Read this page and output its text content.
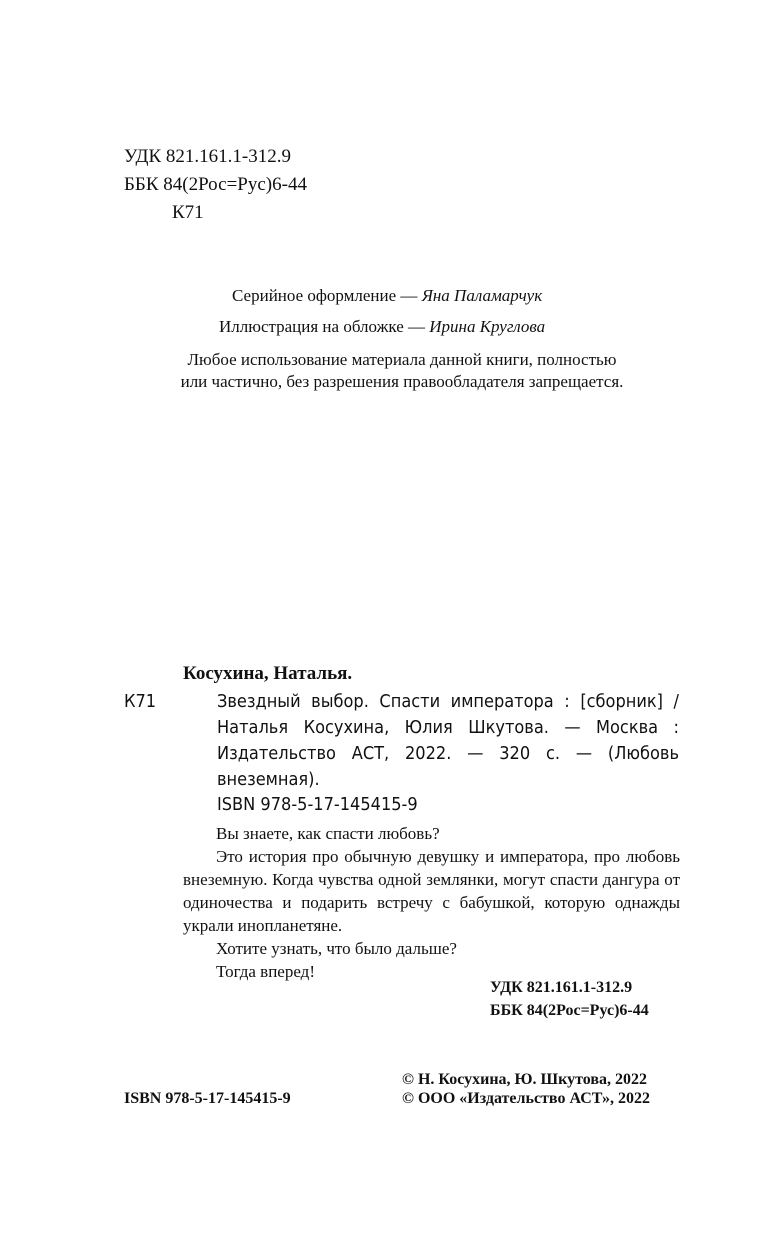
УДК 821.161.1-312.9
ББК 84(2Рос=Рус)6-44
К71
Серийное оформление — Яна Паламарчук
Иллюстрация на обложке — Ирина Круглова
Любое использование материала данной книги, полностью
или частично, без разрешения правообладателя запрещается.
Косухина, Наталья.
К71	Звездный выбор. Спасти императора : [сборник] / Наталья Косухина, Юлия Шкутова. — Москва : Издательство АСТ, 2022. — 320 с. — (Любовь внеземная).

ISBN 978-5-17-145415-9

Вы знаете, как спасти любовь?

Это история про обычную девушку и императора, про любовь внеземную. Когда чувства одной землянки, могут спасти дангура от одиночества и подарить встречу с бабушкой, которую однажды украли инопланетяне.

Хотите узнать, что было дальше?

Тогда вперед!

УДК 821.161.1-312.9
ББК 84(2Рос=Рус)6-44
ISBN 978-5-17-145415-9
© Н. Косухина, Ю. Шкутова, 2022
© ООО «Издательство АСТ», 2022
